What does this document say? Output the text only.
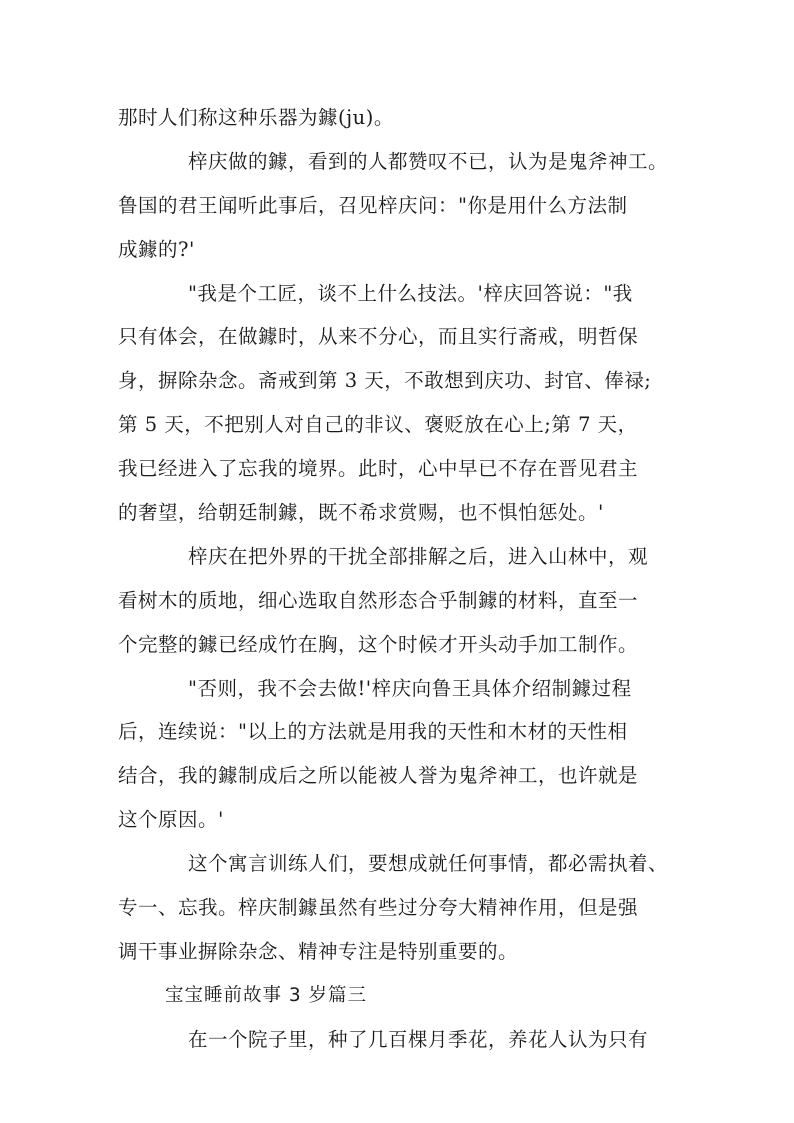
那时人们称这种乐器为鐻(ju)。
梓庆做的鐻，看到的人都赞叹不已，认为是鬼斧神工。
鲁国的君王闻听此事后，召见梓庆问："你是用什么方法制
成鐻的?'
"我是个工匠，谈不上什么技法。'梓庆回答说："我
只有体会，在做鐻时，从来不分心，而且实行斋戒，明哲保
身，摒除杂念。斋戒到第 3 天，不敢想到庆功、封官、俸禄;
第 5 天，不把别人对自己的非议、褒贬放在心上;第 7 天，
我已经进入了忘我的境界。此时，心中早已不存在晋见君主
的奢望，给朝廷制鐻，既不希求赏赐，也不惧怕惩处。'
梓庆在把外界的干扰全部排解之后，进入山林中，观
看树木的质地，细心选取自然形态合乎制鐻的材料，直至一
个完整的鐻已经成竹在胸，这个时候才开头动手加工制作。
"否则，我不会去做!'梓庆向鲁王具体介绍制鐻过程
后，连续说："以上的方法就是用我的天性和木材的天性相
结合，我的鐻制成后之所以能被人誉为鬼斧神工，也许就是
这个原因。'
这个寓言训练人们，要想成就任何事情，都必需执着、
专一、忘我。梓庆制鐻虽然有些过分夸大精神作用，但是强
调干事业摒除杂念、精神专注是特别重要的。
宝宝睡前故事 3 岁篇三
在一个院子里，种了几百棵月季花，养花人认为只有
